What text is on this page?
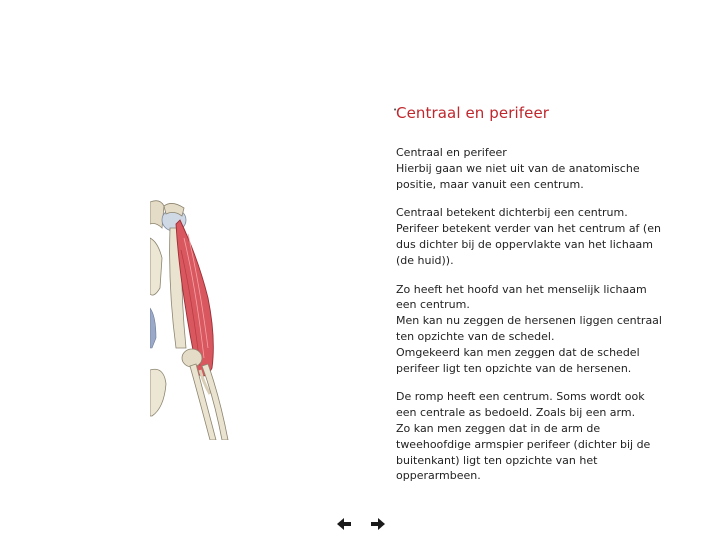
•
Centraal en perifeer
Centraal en perifeer
Hierbij gaan we niet uit van de anatomische
positie, maar vanuit een centrum.
Centraal betekent dichterbij een centrum.
Perifeer betekent verder van het centrum af (en
dus dichter bij de oppervlakte van het lichaam
(de huid)).
Zo heeft het hoofd van het menselijk lichaam
een centrum.
Men kan nu zeggen de hersenen liggen centraal
ten opzichte van de schedel.
Omgekeerd kan men zeggen dat de schedel
perifeer ligt ten opzichte van de hersenen.
De romp heeft een centrum. Soms wordt ook
een centrale as bedoeld. Zoals bij een arm.
Zo kan men zeggen dat in de arm de
tweehoofdige armspier perifeer (dichter bij de
buitenkant) ligt ten opzichte van het
opperarmbeen.
